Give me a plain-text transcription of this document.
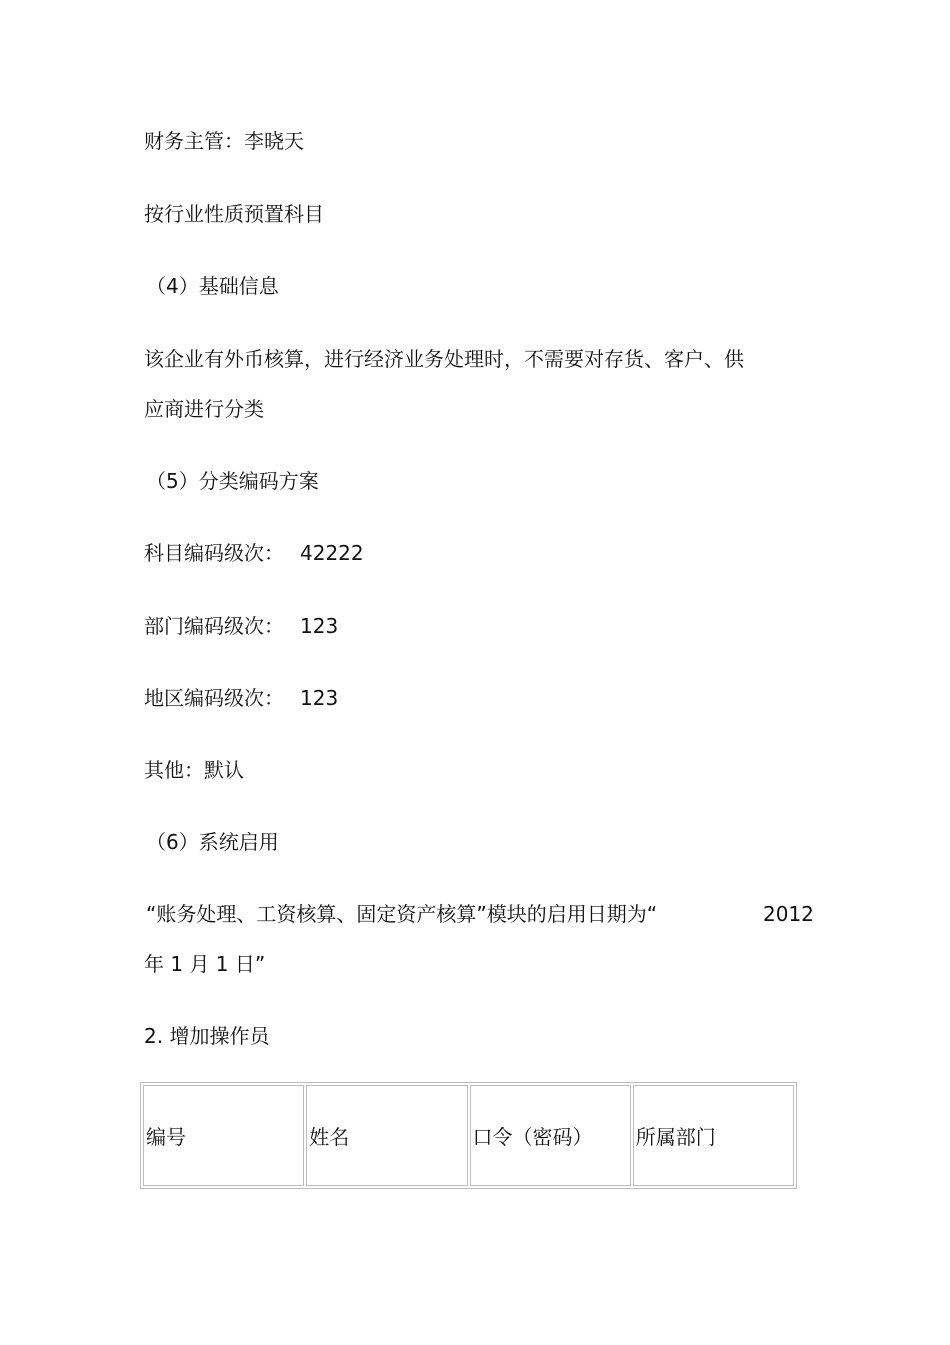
财务主管：李晓天
按行业性质预置科目
（4）基础信息
该企业有外币核算，进行经济业务处理时，不需要对存货、客户、供
应商进行分类
（5）分类编码方案
科目编码级次： 42222
部门编码级次： 123
地区编码级次： 123
其他：默认
（6）系统启用
“账务处理、工资核算、固定资产核算”模块的启用日期为“	2012
年 1 月 1 日”
2. 增加操作员
编号	姓名	口令（密码）	所属部门
